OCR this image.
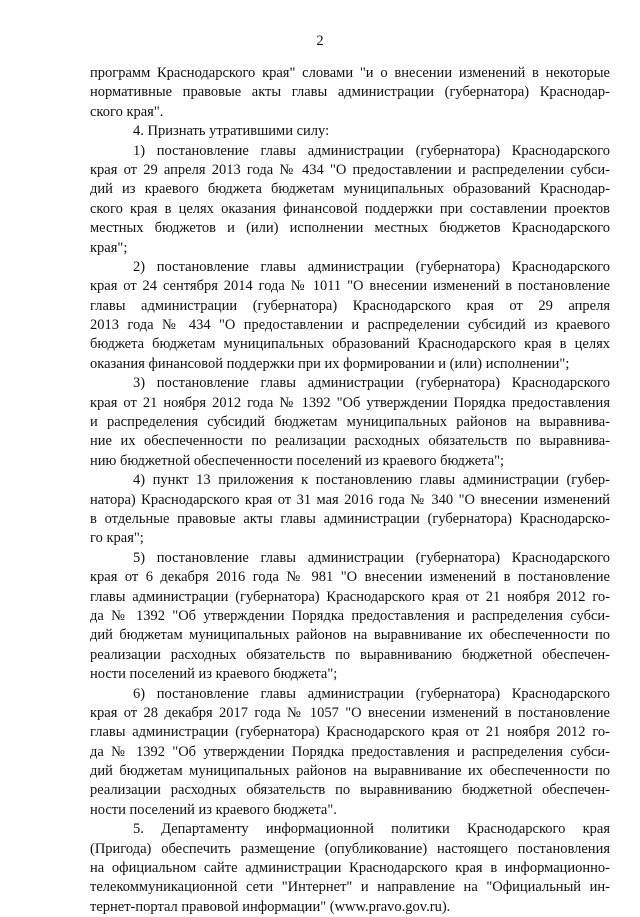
2
программ Краснодарского края" словами "и о внесении изменений в некоторые
нормативные правовые акты главы администрации (губернатора) Краснодар-
ского края".
4. Признать утратившими силу:
1) постановление главы администрации (губернатора) Краснодарского
края от 29 апреля 2013 года № 434 "О предоставлении и распределении субси-
дий из краевого бюджета бюджетам муниципальных образований Краснодар-
ского края в целях оказания финансовой поддержки при составлении проектов
местных бюджетов и (или) исполнении местных бюджетов Краснодарского
края";
2) постановление главы администрации (губернатора) Краснодарского
края от 24 сентября 2014 года № 1011 "О внесении изменений в постановление
главы администрации (губернатора) Краснодарского края от 29 апреля
2013 года № 434 "О предоставлении и распределении субсидий из краевого
бюджета бюджетам муниципальных образований Краснодарского края в целях
оказания финансовой поддержки при их формировании и (или) исполнении";
3) постановление главы администрации (губернатора) Краснодарского
края от 21 ноября 2012 года № 1392 "Об утверждении Порядка предоставления
и распределения субсидий бюджетам муниципальных районов на выравнива-
ние их обеспеченности по реализации расходных обязательств по выравнива-
нию бюджетной обеспеченности поселений из краевого бюджета";
4) пункт 13 приложения к постановлению главы администрации (губер-
натора) Краснодарского края от 31 мая 2016 года № 340 "О внесении изменений
в отдельные правовые акты главы администрации (губернатора) Краснодарско-
го края";
5) постановление главы администрации (губернатора) Краснодарского
края от 6 декабря 2016 года № 981 "О внесении изменений в постановление
главы администрации (губернатора) Краснодарского края от 21 ноября 2012 го-
да № 1392 "Об утверждении Порядка предоставления и распределения субси-
дий бюджетам муниципальных районов на выравнивание их обеспеченности по
реализации расходных обязательств по выравниванию бюджетной обеспечен-
ности поселений из краевого бюджета";
6) постановление главы администрации (губернатора) Краснодарского
края от 28 декабря 2017 года № 1057 "О внесении изменений в постановление
главы администрации (губернатора) Краснодарского края от 21 ноября 2012 го-
да № 1392 "Об утверждении Порядка предоставления и распределения субси-
дий бюджетам муниципальных районов на выравнивание их обеспеченности по
реализации расходных обязательств по выравниванию бюджетной обеспечен-
ности поселений из краевого бюджета".
5. Департаменту информационной политики Краснодарского края
(Пригода) обеспечить размещение (опубликование) настоящего постановления
на официальном сайте администрации Краснодарского края в информационно-
телекоммуникационной сети "Интернет" и направление на "Официальный ин-
тернет-портал правовой информации" (www.pravo.gov.ru).
